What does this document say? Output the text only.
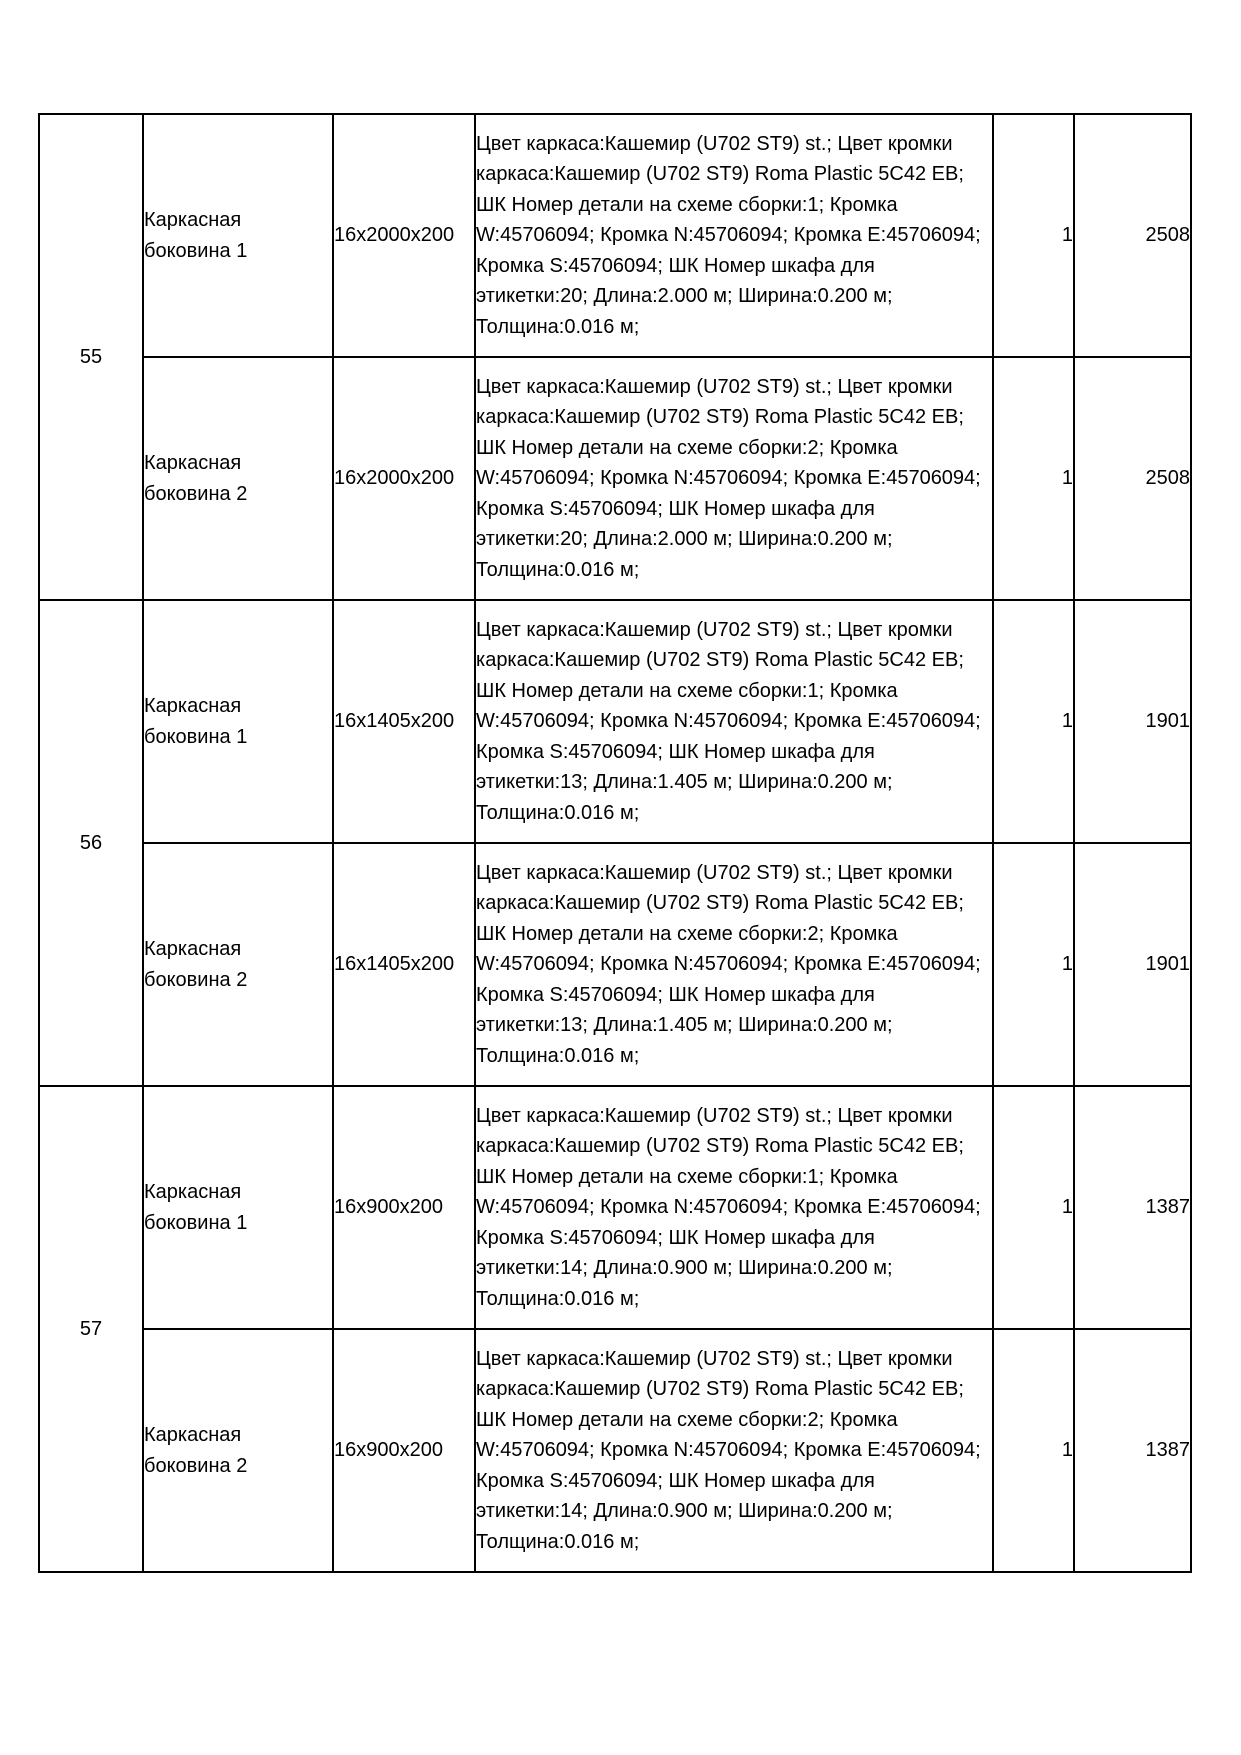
55	Каркасная боковина 1	16x2000x200	Цвет каркаса:Кашемир (U702 ST9) st.; Цвет кромки каркаса:Кашемир (U702 ST9) Roma Plastic 5C42 EB; ШК Номер детали на схеме сборки:1; Кромка W:45706094; Кромка N:45706094; Кромка E:45706094; Кромка S:45706094; ШК Номер шкафа для этикетки:20; Длина:2.000 м; Ширина:0.200 м; Толщина:0.016 м;	1	2508
	Каркасная боковина 2	16x2000x200	Цвет каркаса:Кашемир (U702 ST9) st.; Цвет кромки каркаса:Кашемир (U702 ST9) Roma Plastic 5C42 EB; ШК Номер детали на схеме сборки:2; Кромка W:45706094; Кромка N:45706094; Кромка E:45706094; Кромка S:45706094; ШК Номер шкафа для этикетки:20; Длина:2.000 м; Ширина:0.200 м; Толщина:0.016 м;	1	2508
56	Каркасная боковина 1	16x1405x200	Цвет каркаса:Кашемир (U702 ST9) st.; Цвет кромки каркаса:Кашемир (U702 ST9) Roma Plastic 5C42 EB; ШК Номер детали на схеме сборки:1; Кромка W:45706094; Кромка N:45706094; Кромка E:45706094; Кромка S:45706094; ШК Номер шкафа для этикетки:13; Длина:1.405 м; Ширина:0.200 м; Толщина:0.016 м;	1	1901
	Каркасная боковина 2	16x1405x200	Цвет каркаса:Кашемир (U702 ST9) st.; Цвет кромки каркаса:Кашемир (U702 ST9) Roma Plastic 5C42 EB; ШК Номер детали на схеме сборки:2; Кромка W:45706094; Кромка N:45706094; Кромка E:45706094; Кромка S:45706094; ШК Номер шкафа для этикетки:13; Длина:1.405 м; Ширина:0.200 м; Толщина:0.016 м;	1	1901
57	Каркасная боковина 1	16x900x200	Цвет каркаса:Кашемир (U702 ST9) st.; Цвет кромки каркаса:Кашемир (U702 ST9) Roma Plastic 5C42 EB; ШК Номер детали на схеме сборки:1; Кромка W:45706094; Кромка N:45706094; Кромка E:45706094; Кромка S:45706094; ШК Номер шкафа для этикетки:14; Длина:0.900 м; Ширина:0.200 м; Толщина:0.016 м;	1	1387
	Каркасная боковина 2	16x900x200	Цвет каркаса:Кашемир (U702 ST9) st.; Цвет кромки каркаса:Кашемир (U702 ST9) Roma Plastic 5C42 EB; ШК Номер детали на схеме сборки:2; Кромка W:45706094; Кромка N:45706094; Кромка E:45706094; Кромка S:45706094; ШК Номер шкафа для этикетки:14; Длина:0.900 м; Ширина:0.200 м; Толщина:0.016 м;	1	1387
